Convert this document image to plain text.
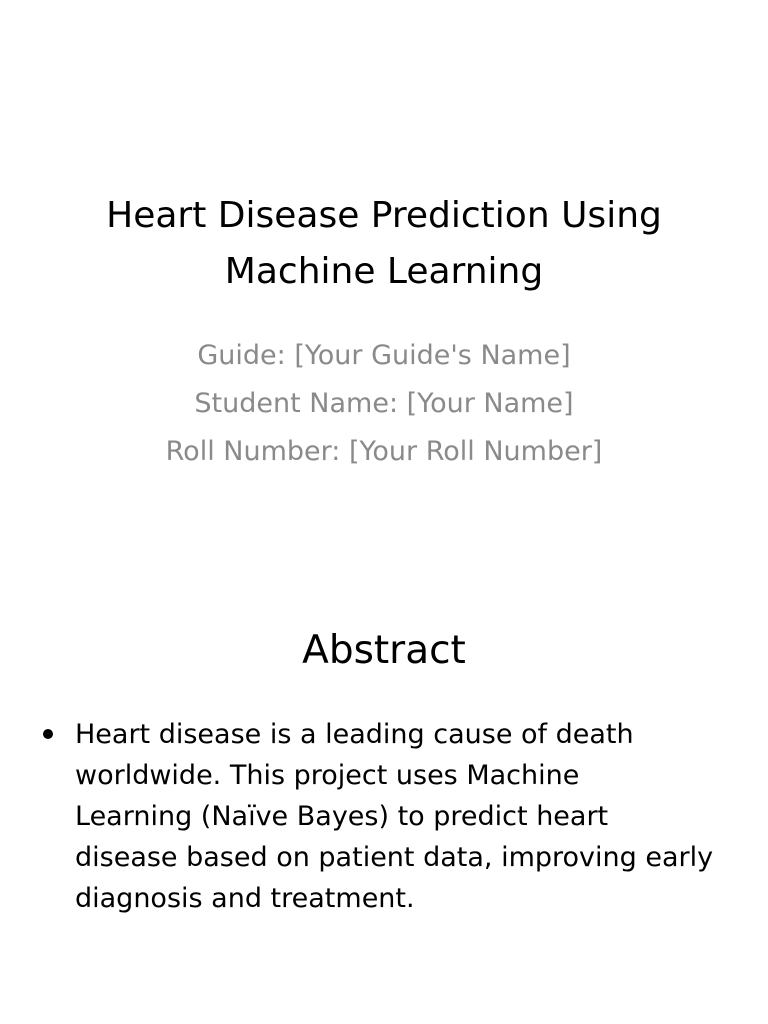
Heart Disease Prediction Using
Machine Learning
Guide: [Your Guide's Name]
Student Name: [Your Name]
Roll Number: [Your Roll Number]
Abstract
Heart disease is a leading cause of death
worldwide. This project uses Machine
Learning (Naïve Bayes) to predict heart
disease based on patient data, improving early
diagnosis and treatment.
